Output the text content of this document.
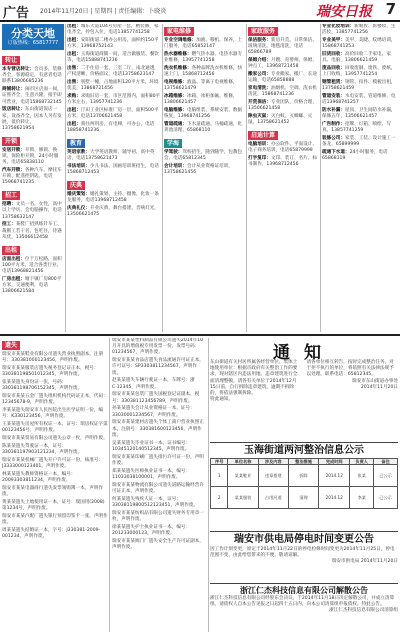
广告 2014年11月20日 | 星期四 | 责任编辑：卜晓炎	瑞安日报 7
分类天地
订版热线：65817777
转让
本专营店转让：会员多，装修齐全，客源稳定，有意者电话联系13806685236
商铺转让：闹市区店面一间，证照齐全，生意兴隆，接手即可营业，电话15868732145
饭店转让：东山街道饭店一家，设备齐全，因本人另有发展，低价转让，13758621954
开锁
安居开锁：开锁、修锁、换锁、保险柜开锁，24小时服务，电话65838110
汽车开锁：各种汽车、摩托车开锁、配遥控钥匙，电话15968741235
招工
招聘：文员一名，女性，高中以上学历，会电脑操作，电话13758632147
招工：某鞋厂招熟练针车工、裁断工若干名，包吃住，待遇从优，13506612458
出租
店面出租：位于万松路，面积100平方米，适合各类行业，电话13968821456
厂房出租：塘下镇厂房800平方米，交通便利，电话13806621584
出租：城东大道104号房屋一套，精装修，家电齐全，拎包入住，电话13857741258
出租：安阳街道二楼办公用房，面积约150平方米，13968752143
出租：玉海街道商铺一间，适合做服装、餐饮等，电话15888741236
出售：二手住房一套，三室二厅，南北通透，产权清晰，价格面议，电话13758623147
出售：别墅一幢，占地面积120平方米，环境优美，13868721456
求购：求购旧房一套，市区范围内，面积80平方米左右，13957741236
出租：汀田工业区标准厂房一层，面积500平方米，电话13706621458
出租：商住两用房，有电梯，可办公，电话18858741236
教育
英语家教：大学英语教师，辅导初、高中英语，电话13758621473
书法培训：少儿书法、国画培训班招生，电话15868712453
庆典
婚庆策划：婚礼策划、主持、摄像、化妆一条龙服务，电话13968712458
庆典礼仪：开业庆典、舞台搭建、音响灯光，13506621475
家电维修
专业空调维修：加液、移机、保养，上门服务，电话65852147
热水器维修：燃气热水器、电热水器专业维修，13957741258
洗衣机维修：各种品牌洗衣机维修，快速上门，15868712456
电视维修：液晶、等离子电视维修，13758621479
冰箱维修：冰箱、冰柜加氟、维修，13806621457
电脑维修：电脑组装、系统安装、数据恢复，13968741256
管道疏通：下水道疏通、马桶疏通，化粪池清理，65868110
学海
学驾驶：驾校招生，随到随学，包教包会，电话65812345
会计培训：会计从业资格证培训，13758621456
家政服务
保洁服务：新房开荒、日常保洁、玻璃清洗、地毯清洗，电话65866789
保姆介绍：月嫂、育婴师、保姆、钟点工，13968721458
搬家公司：专业搬家、搬厂、长途运输，电话65858888
家电清洗：油烟机、空调、洗衣机清洗，15868741236
开荒保洁：专业团队，价格合理，13506621458
除虫灭鼠：灭白蚁、灭蟑螂、灭鼠，13758621452
启迪计算
电脑培训：办公软件、平面设计、电子商务培训，电话65879999
打字复印：文印、装订、名片、标书制作，13968712456
专业化妆培训：新娘妆、影楼妆、生活妆，13857741256
专业美甲：美甲、美睫、纹绣培训，15868741253
旧货回收：高价回收二手家电、家具、电脑，13806621459
废品回收：回收废铜、废铁、废纸，上门收购，13957741254
钢管租赁：钢管、扣件、模板出租，13758621459
管道安装：水电安装、管道维修，电话13968741257
防水补漏：屋顶、卫生间防水补漏，保修五年，13506621457
广告制作：招牌、灯箱、喷绘、写真，13857741259
装修公司：家装、工装、设计施工一条龙，65899999
疏通下水道：24小时服务，电话65868119
遗失
瑞安市某某鞋业有限公司遗失营业执照副本，注册号：330381000123456，声明作废。
瑞安市某某服装店遗失税务登记证正本，税号：330381198501012345，声明作废。
张某某遗失身份证一张，号码：330381198706152345，声明作废。
瑞安市某某五金厂遗失组织机构代码证正本，代码：12345678-9，声明作废。
李某某遗失瑞安市人民医院出生医学证明一份，编号：K330123456，声明作废。
王某某遗失房屋所有权证一本，证号：瑞房权证字第00123456号，声明作废。
瑞安市某某贸易有限公司遗失公章一枚，声明作废。
陈某某遗失驾驶证一本，证号：330381197903121234，声明作废。
瑞安市某某机械厂遗失开户许可证一份，核准号：J3333000123401，声明作废。
林某某遗失教师资格证一本，编号：20093303811234，声明作废。
瑞安市某某电器商行遗失发票领购簿一本，声明作废。
黄某某遗失土地使用证一本，证号：瑞国用(2008)第1234号，声明作废。
瑞安市某某汽配厂遗失银行预留印鉴卡一张，声明作废。
周某某遗失结婚证一本，字号：J330381-2009-001234，声明作废。
瑞安市某某塑料制品有限公司遗失2014年10月开具的增值税专用发票一份，发票号码：01234567，声明作废。
瑞安市某某食品店遗失食品流通许可证正本，许可证号：SP3303811234567，声明作废。
赵某某遗失车辆行驶证一本，车牌号：浙C·12345，声明作废。
瑞安市某某包装厂遗失国税登记证副本，税号：330381123456789，声明作废。
孙某某遗失会计从业资格证一本，证号：33030001234567，声明作废。
瑞安市某某建材店遗失个体工商户营业执照正本，注册号：330381600123456，声明作废。
吴某某遗失毕业证书一本，证书编号：10345120140512345，声明作废。
瑞安市某某印刷厂遗失排污许可证一份，声明作废。
郑某某遗失医师执业证书一本，编号：11033038100001，声明作废。
瑞安市某某物流有限公司遗失道路运输经营许可证正本，声明作废。
何某某遗失残疾人证一本，证号：33038119800512123451，声明作废。
瑞安市某某纺织品有限公司遗失财务专用章一枚，声明作废。
徐某某遗失护士执业证书一本，编号：201233000123，声明作废。
瑞安市某某阀门厂遗失安全生产许可证副本，声明作废。
通知
东山街道有关村居所属各经营单位、集体土地使用单位：根据市政府有关整治工作的要求，现对辖区内违法用地、违章建筑进行全面清理整顿。请各有关单位于2014年12月15日前，自行拆除违章建筑，逾期不拆除的，将依法强制拆除。
特此通知。
请各单位相互转告，按时完成整治任务。对于拒不执行的单位，将依照有关法律法规予以处理。联系电话：65812345。
瑞安市东山街道办事处
2014年11月20日
玉海街道两河整治信息公示
序号	单位名称	涉及内容	整治措施	完成时间	负责人	备注
1	某某鞋业	违章搭建	拆除	2014.12	张某	已公示
2	某某服装	占用河道	清理	2014.12	李某	已公示
瑞安市供电局停电时间变更公告
因工作计划变更，原定于2014年11月22日的停电检修时间变更为2014年11月25日，停电范围不变。由此给您带来的不便，敬请谅解。
瑞安市供电局 2014年11月20日
浙江仁杰科技信息有限公司解散公告
浙江仁杰科技信息有限公司经股东会决议，于2014年11月18日决定解散公司，并成立清算组。请债权人自本公告见报之日起四十五日内，向本公司清算组申报债权。特此公告。
浙江仁杰科技信息有限公司清算组
